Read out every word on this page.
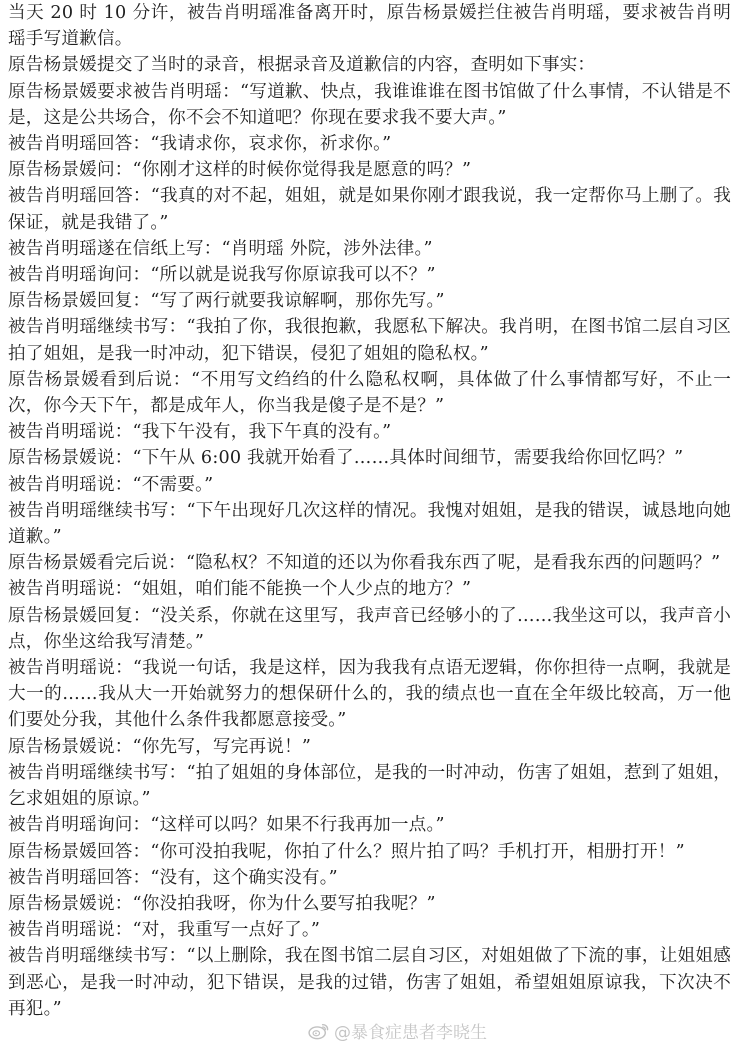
当天 20 时 10 分许，被告肖明瑶准备离开时，原告杨景媛拦住被告肖明瑶，要求被告肖明瑶手写道歉信。

原告杨景媛提交了当时的录音，根据录音及道歉信的内容，查明如下事实：

原告杨景媛要求被告肖明瑶：“写道歉、快点，我谁谁谁在图书馆做了什么事情，不认错是不是，这是公共场合，你不会不知道吧？你现在要求我不要大声。”

被告肖明瑶回答：“我请求你，哀求你，祈求你。”

原告杨景媛问：“你刚才这样的时候你觉得我是愿意的吗？”

被告肖明瑶回答：“我真的对不起，姐姐，就是如果你刚才跟我说，我一定帮你马上删了。我保证，就是我错了。”

被告肖明瑶遂在信纸上写：“肖明瑶 外院，涉外法律。”

被告肖明瑶询问：“所以就是说我写你原谅我可以不？”

原告杨景媛回复：“写了两行就要我谅解啊，那你先写。”

被告肖明瑶继续书写：“我拍了你，我很抱歉，我愿私下解决。我肖明，在图书馆二层自习区拍了姐姐，是我一时冲动，犯下错误，侵犯了姐姐的隐私权。”

原告杨景媛看到后说：“不用写文绉绉的什么隐私权啊，具体做了什么事情都写好，不止一次，你今天下午，都是成年人，你当我是傻子是不是？”

被告肖明瑶说：“我下午没有，我下午真的没有。”

原告杨景媛说：“下午从 6:00 我就开始看了……具体时间细节，需要我给你回忆吗？”

被告肖明瑶说：“不需要。”

被告肖明瑶继续书写：“下午出现好几次这样的情况。我愧对姐姐，是我的错误，诚恳地向她道歉。”

原告杨景媛看完后说：“隐私权？不知道的还以为你看我东西了呢，是看我东西的问题吗？”

被告肖明瑶说：“姐姐，咱们能不能换一个人少点的地方？”

原告杨景媛回复：“没关系，你就在这里写，我声音已经够小的了……我坐这可以，我声音小点，你坐这给我写清楚。”

被告肖明瑶说：“我说一句话，我是这样，因为我我有点语无逻辑，你你担待一点啊，我就是大一的……我从大一开始就努力的想保研什么的，我的绩点也一直在全年级比较高，万一他们要处分我，其他什么条件我都愿意接受。”

原告杨景媛说：“你先写，写完再说！”

被告肖明瑶继续书写：“拍了姐姐的身体部位，是我的一时冲动，伤害了姐姐，惹到了姐姐，乞求姐姐的原谅。”

被告肖明瑶询问：“这样可以吗？如果不行我再加一点。”

原告杨景媛回答：“你可没拍我呢，你拍了什么？照片拍了吗？手机打开，相册打开！”

被告肖明瑶回答：“没有，这个确实没有。”

原告杨景媛说：“你没拍我呀，你为什么要写拍我呢？”

被告肖明瑶说：“对，我重写一点好了。”

被告肖明瑶继续书写：“以上删除，我在图书馆二层自习区，对姐姐做了下流的事，让姐姐感到恶心，是我一时冲动，犯下错误，是我的过错，伤害了姐姐，希望姐姐原谅我，下次决不再犯。”

@暴食症患者李晓生
